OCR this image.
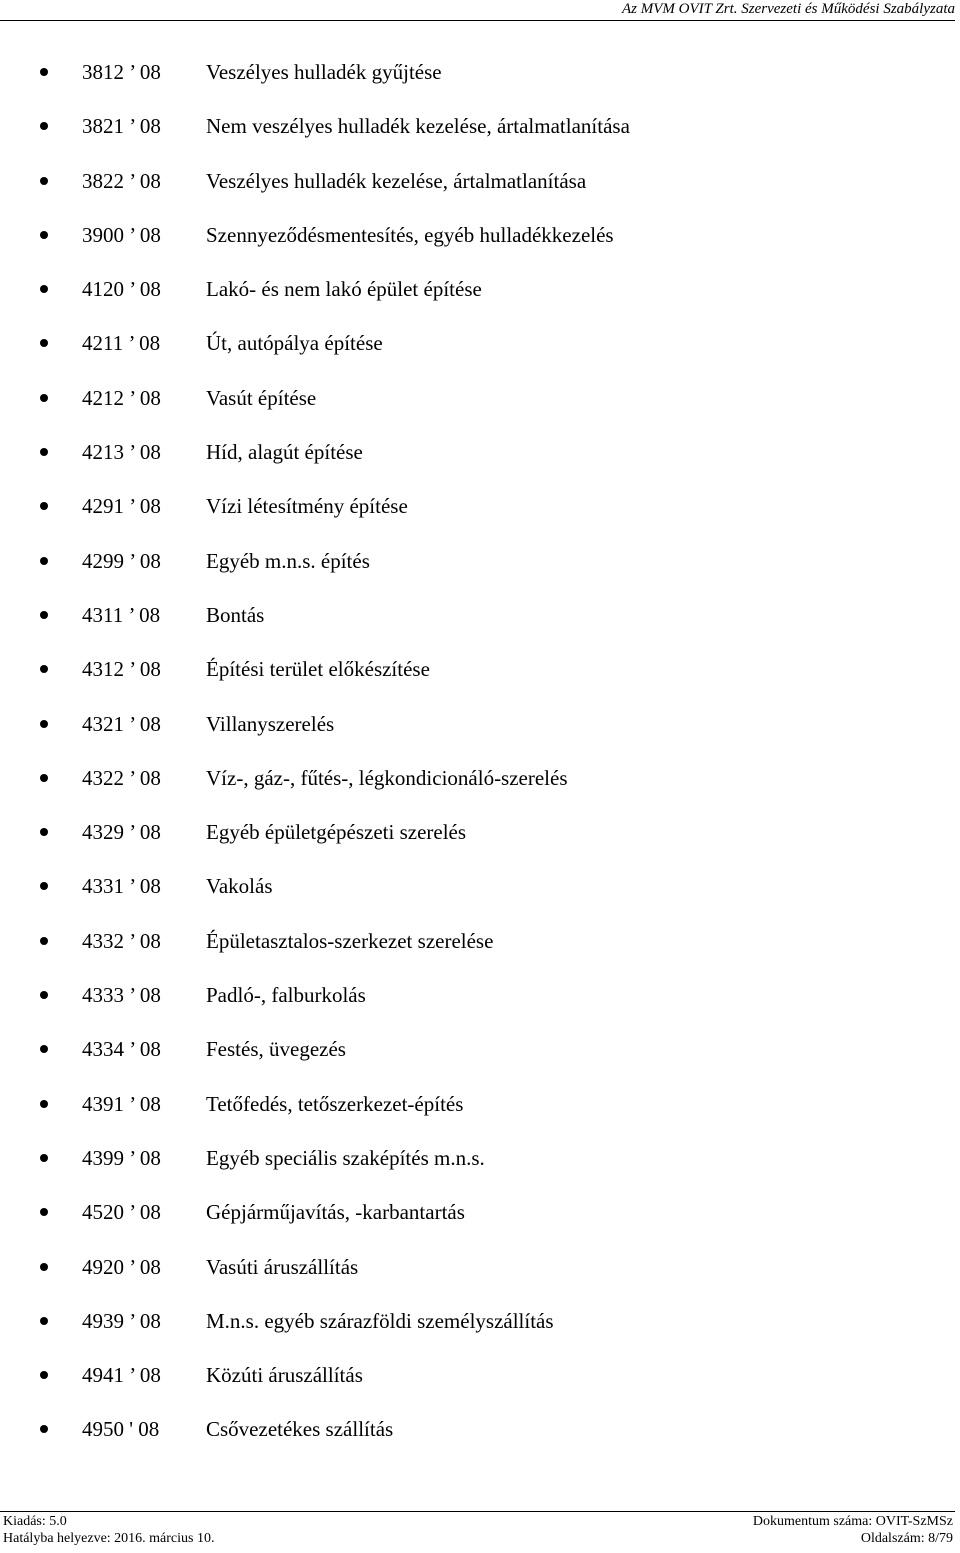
Az MVM OVIT Zrt. Szervezeti és Működési Szabályzata
3812 ’ 08 Veszélyes hulladék gyűjtése
3821 ’ 08 Nem veszélyes hulladék kezelése, ártalmatlanítása
3822 ’ 08 Veszélyes hulladék kezelése, ártalmatlanítása
3900 ’ 08 Szennyeződésmentesítés, egyéb hulladékkezelés
4120 ’ 08 Lakó- és nem lakó épület építése
4211 ’ 08 Út, autópálya építése
4212 ’ 08 Vasút építése
4213 ’ 08 Híd, alagút építése
4291 ’ 08 Vízi létesítmény építése
4299 ’ 08 Egyéb m.n.s. építés
4311 ’ 08 Bontás
4312 ’ 08 Építési terület előkészítése
4321 ’ 08 Villanyszerelés
4322 ’ 08 Víz-, gáz-, fűtés-, légkondicionáló-szerelés
4329 ’ 08 Egyéb épületgépészeti szerelés
4331 ’ 08 Vakolás
4332 ’ 08 Épületasztalos-szerkezet szerelése
4333 ’ 08 Padló-, falburkolás
4334 ’ 08 Festés, üvegezés
4391 ’ 08 Tetőfedés, tetőszerkezet-építés
4399 ’ 08 Egyéb speciális szaképítés m.n.s.
4520 ’ 08 Gépjárműjavítás, -karbantartás
4920 ’ 08 Vasúti áruszállítás
4939 ’ 08 M.n.s. egyéb szárazföldi személyszállítás
4941 ’ 08 Közúti áruszállítás
4950 ' 08 Csővezetékes szállítás
Kiadás: 5.0	Dokumentum száma: OVIT-SzMSz
Hatályba helyezve: 2016. március 10.	Oldalszám: 8/79
